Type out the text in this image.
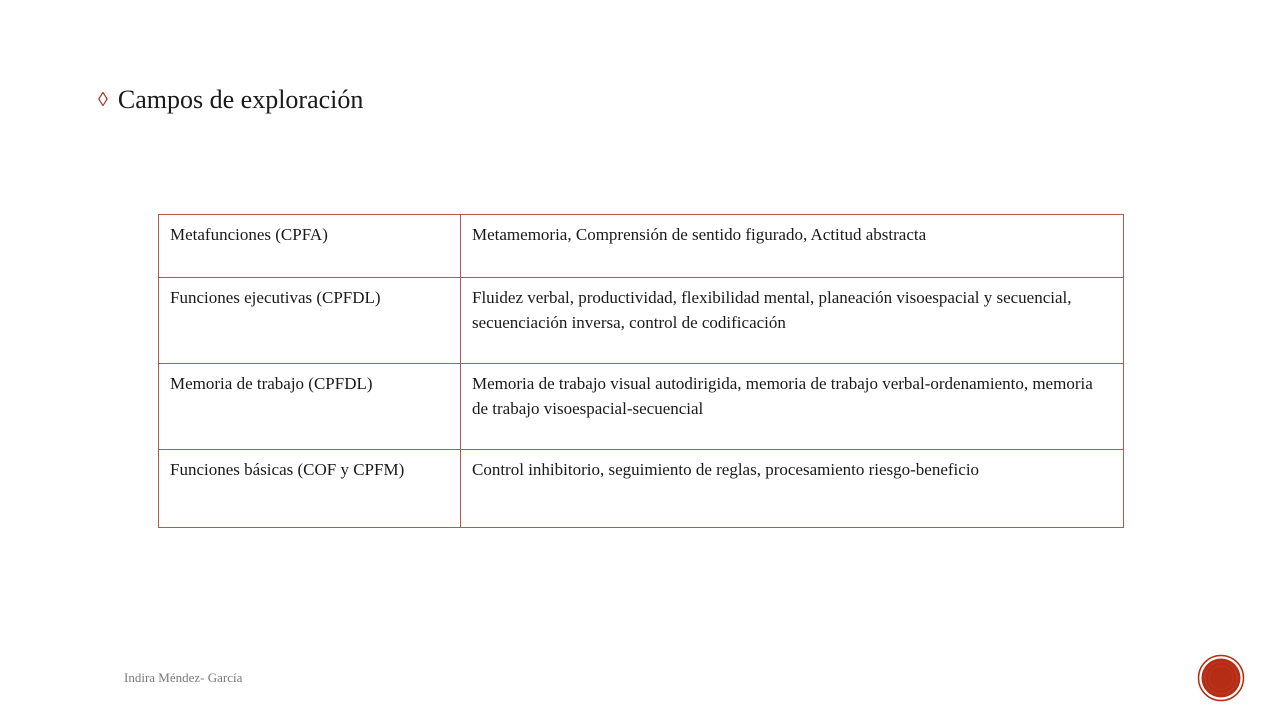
◊ Campos de exploración
Metafunciones (CPFA)	Metamemoria, Comprensión de sentido figurado, Actitud abstracta
Funciones ejecutivas (CPFDL)	Fluidez verbal, productividad, flexibilidad mental, planeación visoespacial y secuencial, secuenciación inversa, control de codificación
Memoria de trabajo (CPFDL)	Memoria de trabajo visual autodirigida, memoria de trabajo verbal-ordenamiento, memoria de trabajo visoespacial-secuencial
Funciones básicas (COF y CPFM)	Control inhibitorio, seguimiento de reglas, procesamiento riesgo-beneficio
Indira Méndez- García
